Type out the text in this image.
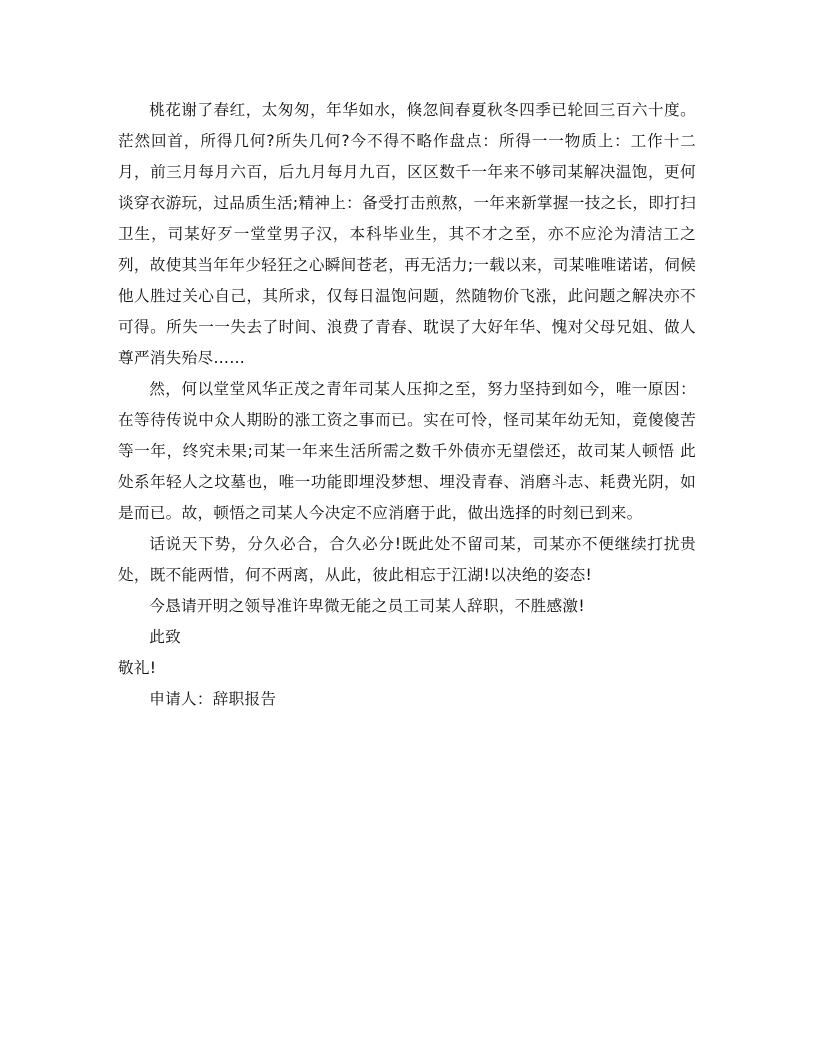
桃花谢了春红，太匆匆，年华如水，倏忽间春夏秋冬四季已轮回三百六十度。茫然回首，所得几何?所失几何?今不得不略作盘点：所得一一物质上：工作十二月，前三月每月六百，后九月每月九百，区区数千一年来不够司某解决温饱，更何谈穿衣游玩，过品质生活;精神上：备受打击煎熬，一年来新掌握一技之长，即打扫卫生，司某好歹一堂堂男子汉，本科毕业生，其不才之至，亦不应沦为清洁工之列，故使其当年年少轻狂之心瞬间苍老，再无活力;一载以来，司某唯唯诺诺，伺候他人胜过关心自己，其所求，仅每日温饱问题，然随物价飞涨，此问题之解决亦不可得。所失一一失去了时间、浪费了青春、耽误了大好年华、愧对父母兄姐、做人尊严消失殆尽……

然，何以堂堂风华正茂之青年司某人压抑之至，努力坚持到如今，唯一原因：在等待传说中众人期盼的涨工资之事而已。实在可怜，怪司某年幼无知，竟傻傻苦等一年，终究未果;司某一年来生活所需之数千外债亦无望偿还，故司某人顿悟 此处系年轻人之坟墓也，唯一功能即埋没梦想、埋没青春、消磨斗志、耗费光阴，如是而已。故，顿悟之司某人今决定不应消磨于此，做出选择的时刻已到来。

话说天下势，分久必合，合久必分!既此处不留司某，司某亦不便继续打扰贵处，既不能两惜，何不两离，从此，彼此相忘于江湖!以决绝的姿态!

今恳请开明之领导准许卑微无能之员工司某人辞职，不胜感激!

此致

敬礼!

申请人：辞职报告
